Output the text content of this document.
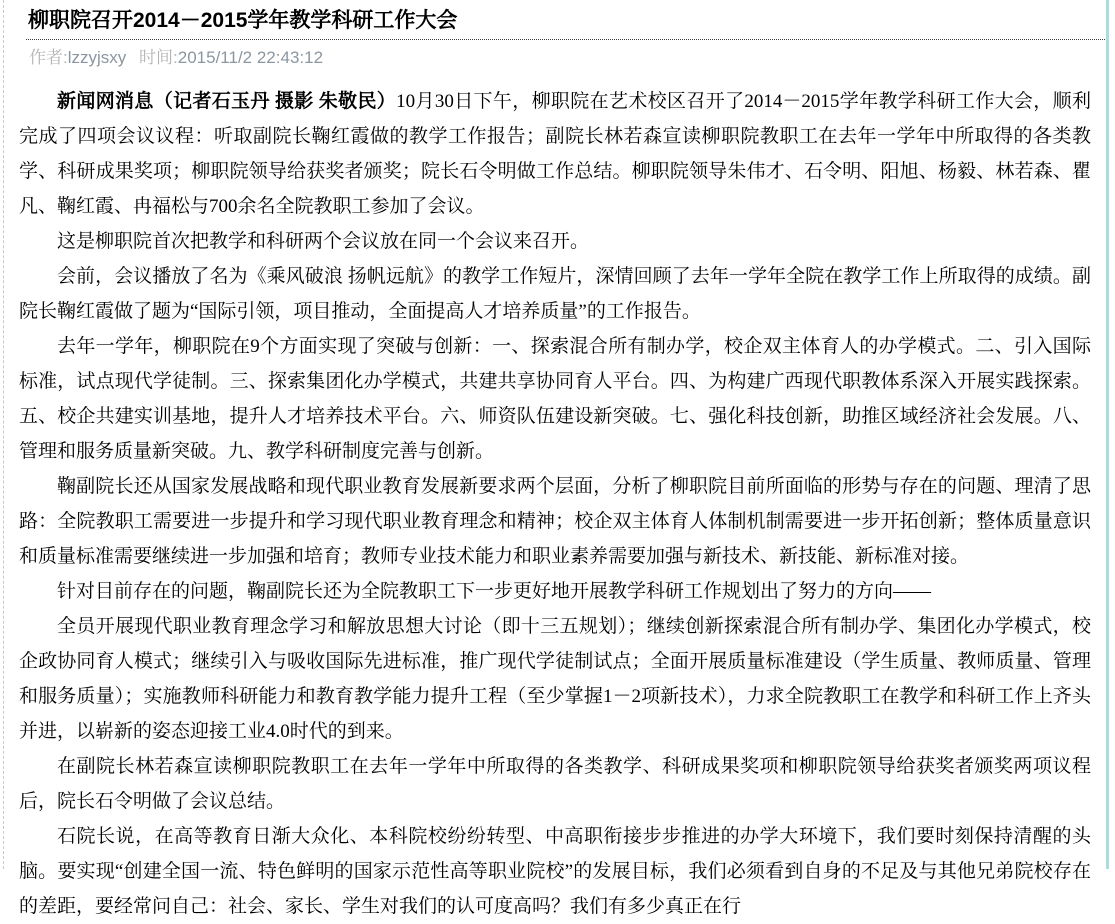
柳职院召开2014－2015学年教学科研工作大会
作者:lzzyjsxy 时间:2015/11/2 22:43:12

新闻网消息（记者石玉丹 摄影 朱敬民）10月30日下午，柳职院在艺术校区召开了2014－2015学年教学科研工作大会，顺利完成了四项会议议程：听取副院长鞠红霞做的教学工作报告；副院长林若森宣读柳职院教职工在去年一学年中所取得的各类教学、科研成果奖项；柳职院领导给获奖者颁奖；院长石令明做工作总结。柳职院领导朱伟才、石令明、阳旭、杨毅、林若森、瞿凡、鞠红霞、冉福松与700余名全院教职工参加了会议。

这是柳职院首次把教学和科研两个会议放在同一个会议来召开。

会前，会议播放了名为《乘风破浪 扬帆远航》的教学工作短片，深情回顾了去年一学年全院在教学工作上所取得的成绩。副院长鞠红霞做了题为“国际引领，项目推动，全面提高人才培养质量”的工作报告。

去年一学年，柳职院在9个方面实现了突破与创新：一、探索混合所有制办学，校企双主体育人的办学模式。二、引入国际标准，试点现代学徒制。三、探索集团化办学模式，共建共享协同育人平台。四、为构建广西现代职教体系深入开展实践探索。五、校企共建实训基地，提升人才培养技术平台。六、师资队伍建设新突破。七、强化科技创新，助推区域经济社会发展。八、管理和服务质量新突破。九、教学科研制度完善与创新。

鞠副院长还从国家发展战略和现代职业教育发展新要求两个层面，分析了柳职院目前所面临的形势与存在的问题、理清了思路：全院教职工需要进一步提升和学习现代职业教育理念和精神；校企双主体育人体制机制需要进一步开拓创新；整体质量意识和质量标准需要继续进一步加强和培育；教师专业技术能力和职业素养需要加强与新技术、新技能、新标准对接。

针对目前存在的问题，鞠副院长还为全院教职工下一步更好地开展教学科研工作规划出了努力的方向——

全员开展现代职业教育理念学习和解放思想大讨论（即十三五规划）；继续创新探索混合所有制办学、集团化办学模式，校企政协同育人模式；继续引入与吸收国际先进标准，推广现代学徒制试点；全面开展质量标准建设（学生质量、教师质量、管理和服务质量）；实施教师科研能力和教育教学能力提升工程（至少掌握1－2项新技术），力求全院教职工在教学和科研工作上齐头并进，以崭新的姿态迎接工业4.0时代的到来。

在副院长林若森宣读柳职院教职工在去年一学年中所取得的各类教学、科研成果奖项和柳职院领导给获奖者颁奖两项议程后，院长石令明做了会议总结。

石院长说，在高等教育日渐大众化、本科院校纷纷转型、中高职衔接步步推进的办学大环境下，我们要时刻保持清醒的头脑。要实现“创建全国一流、特色鲜明的国家示范性高等职业院校”的发展目标，我们必须看到自身的不足及与其他兄弟院校存在的差距，要经常问自己：社会、家长、学生对我们的认可度高吗？我们有多少真正在行
